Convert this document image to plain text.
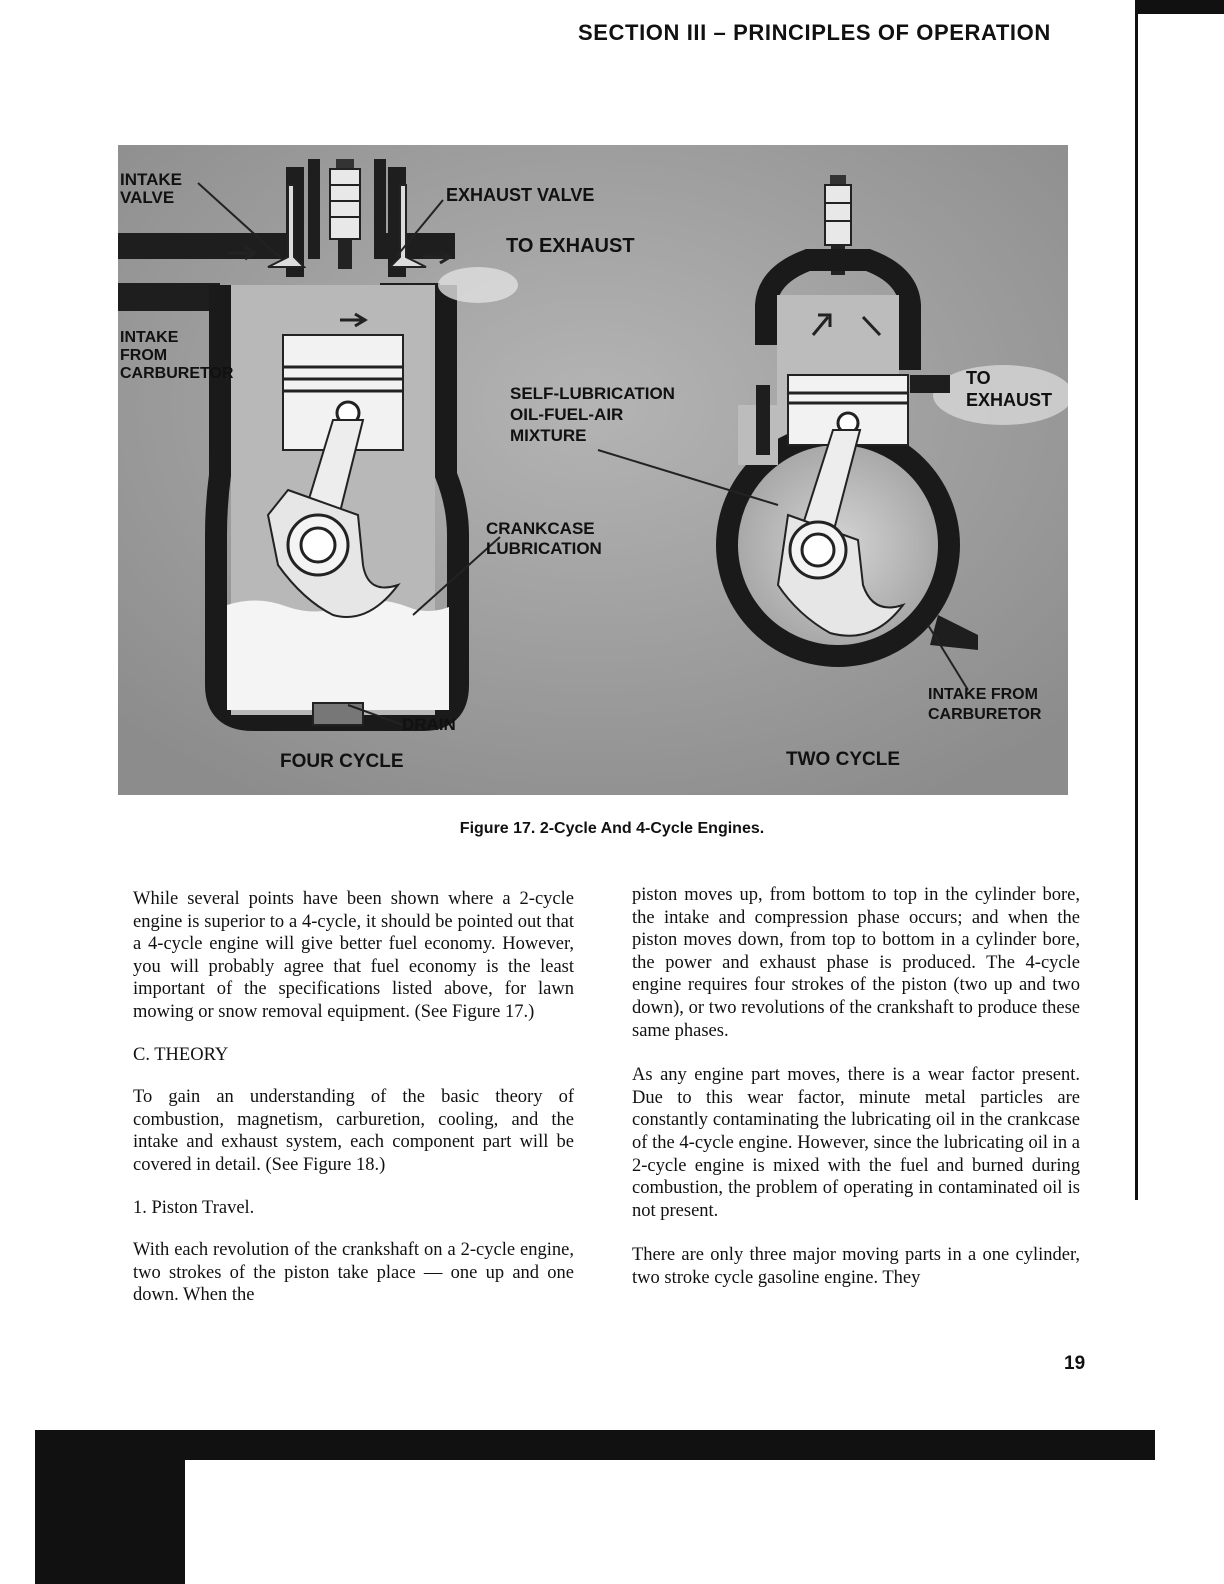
SECTION III – PRINCIPLES OF OPERATION
INTAKE
VALVE	EXHAUST VALVE
TO EXHAUST
INTAKE
FROM
CARBURETOR
SELF-LUBRICATION
OIL-FUEL-AIR
MIXTURE
CRANKCASE
LUBRICATION
TO
EXHAUST
INTAKE FROM
CARBURETOR
DRAIN
FOUR CYCLE	TWO CYCLE
Figure 17. 2-Cycle And 4-Cycle Engines.

While several points have been shown where a 2-cycle engine is superior to a 4-cycle, it should be pointed out that a 4-cycle engine will give better fuel economy. However, you will probably agree that fuel economy is the least important of the specifications listed above, for lawn mowing or snow removal equipment. (See Figure 17.)

C. THEORY

To gain an understanding of the basic theory of combustion, magnetism, carburetion, cooling, and the intake and exhaust system, each component part will be covered in detail. (See Figure 18.)

1. Piston Travel.

With each revolution of the crankshaft on a 2-cycle engine, two strokes of the piston take place — one up and one down. When the

piston moves up, from bottom to top in the cylinder bore, the intake and compression phase occurs; and when the piston moves down, from top to bottom in a cylinder bore, the power and exhaust phase is produced. The 4-cycle engine requires four strokes of the piston (two up and two down), or two revolutions of the crankshaft to produce these same phases.

As any engine part moves, there is a wear factor present. Due to this wear factor, minute metal particles are constantly contaminating the lubricating oil in the crankcase of the 4-cycle engine. However, since the lubricating oil in a 2-cycle engine is mixed with the fuel and burned during combustion, the problem of operating in contaminated oil is not present.

There are only three major moving parts in a one cylinder, two stroke cycle gasoline engine. They

19
